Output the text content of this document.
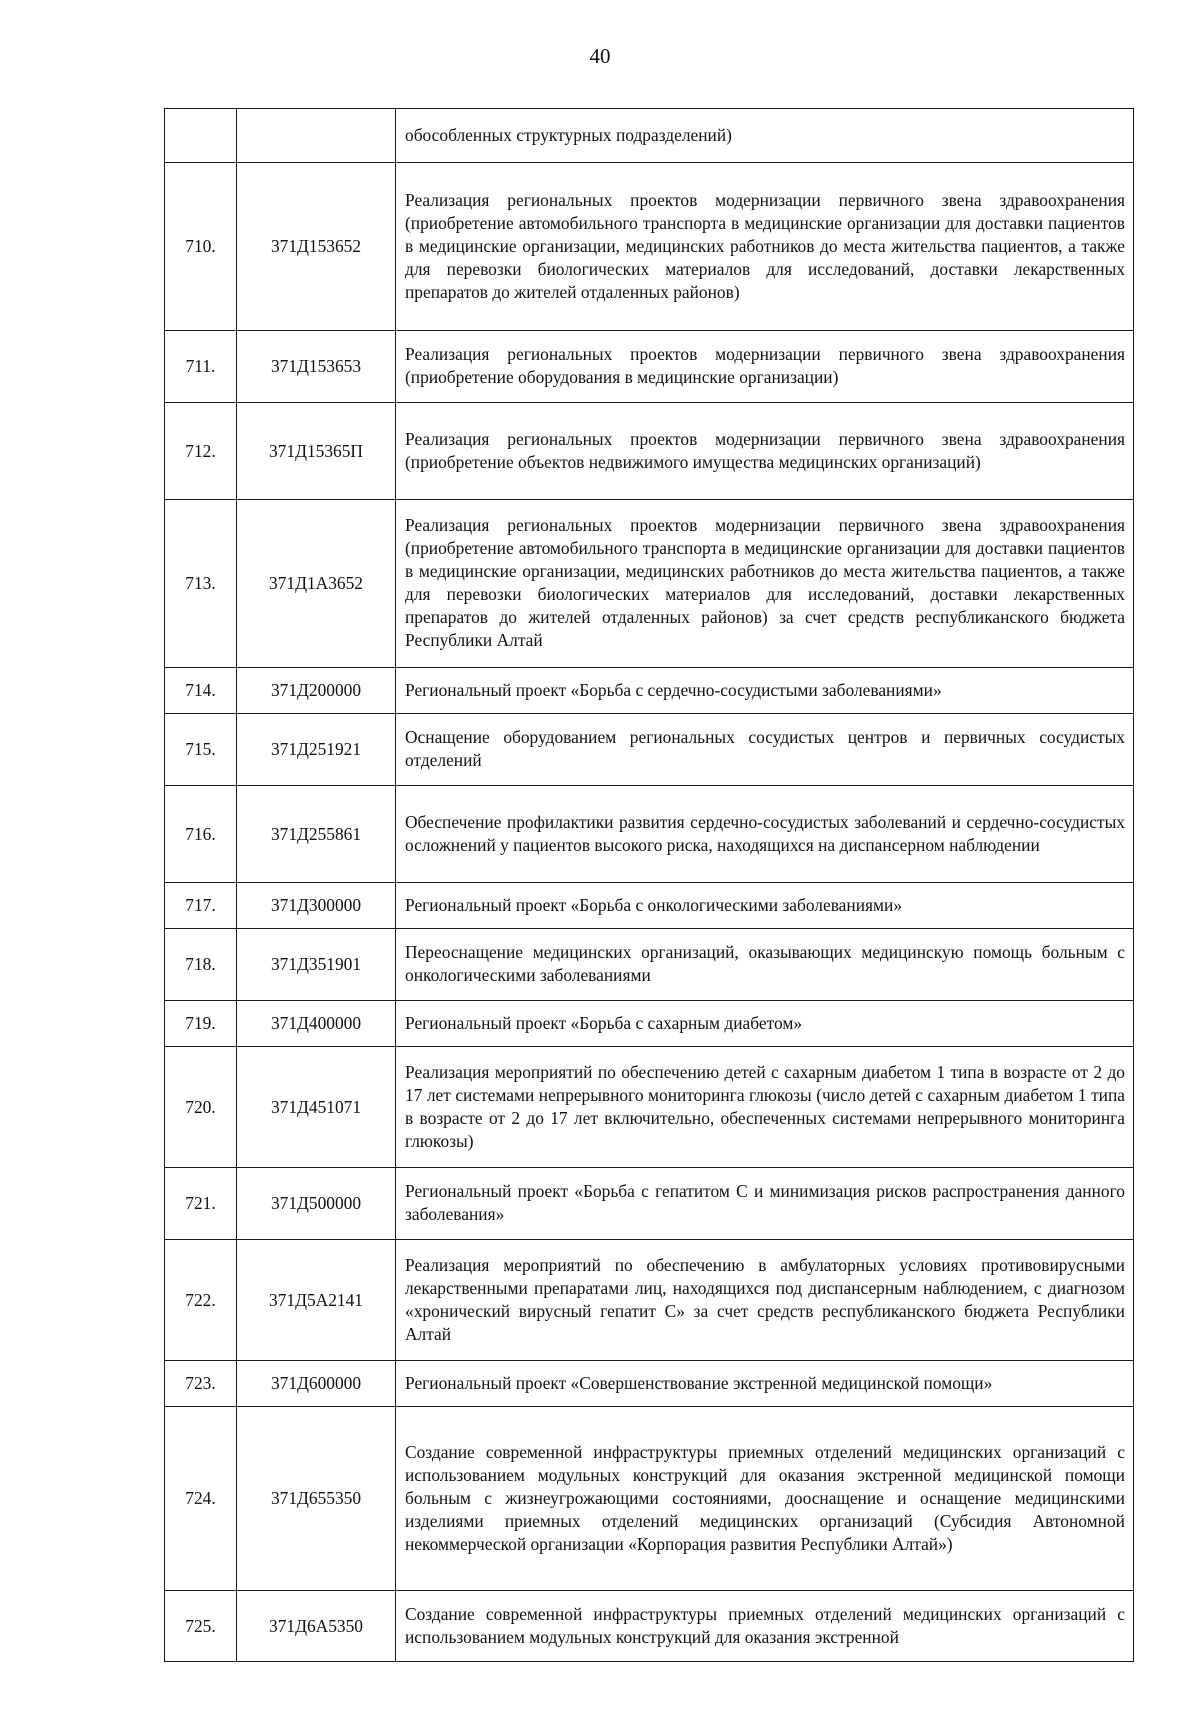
40
		обособленных структурных подразделений)
710.	371Д153652	Реализация региональных проектов модернизации первичного звена здравоохранения (приобретение автомобильного транспорта в медицинские организации для доставки пациентов в медицинские организации, медицинских работников до места жительства пациентов, а также для перевозки биологических материалов для исследований, доставки лекарственных препаратов до жителей отдаленных районов)
711.	371Д153653	Реализация региональных проектов модернизации первичного звена здравоохранения (приобретение оборудования в медицинские организации)
712.	371Д15365П	Реализация региональных проектов модернизации первичного звена здравоохранения (приобретение объектов недвижимого имущества медицинских организаций)
713.	371Д1А3652	Реализация региональных проектов модернизации первичного звена здравоохранения (приобретение автомобильного транспорта в медицинские организации для доставки пациентов в медицинские организации, медицинских работников до места жительства пациентов, а также для перевозки биологических материалов для исследований, доставки лекарственных препаратов до жителей отдаленных районов) за счет средств республиканского бюджета Республики Алтай
714.	371Д200000	Региональный проект «Борьба с сердечно-сосудистыми заболеваниями»
715.	371Д251921	Оснащение оборудованием региональных сосудистых центров и первичных сосудистых отделений
716.	371Д255861	Обеспечение профилактики развития сердечно-сосудистых заболеваний и сердечно-сосудистых осложнений у пациентов высокого риска, находящихся на диспансерном наблюдении
717.	371Д300000	Региональный проект «Борьба с онкологическими заболеваниями»
718.	371Д351901	Переоснащение медицинских организаций, оказывающих медицинскую помощь больным с онкологическими заболеваниями
719.	371Д400000	Региональный проект «Борьба с сахарным диабетом»
720.	371Д451071	Реализация мероприятий по обеспечению детей с сахарным диабетом 1 типа в возрасте от 2 до 17 лет системами непрерывного мониторинга глюкозы (число детей с сахарным диабетом 1 типа в возрасте от 2 до 17 лет включительно, обеспеченных системами непрерывного мониторинга глюкозы)
721.	371Д500000	Региональный проект «Борьба с гепатитом С и минимизация рисков распространения данного заболевания»
722.	371Д5А2141	Реализация мероприятий по обеспечению в амбулаторных условиях противовирусными лекарственными препаратами лиц, находящихся под диспансерным наблюдением, с диагнозом «хронический вирусный гепатит С» за счет средств республиканского бюджета Республики Алтай
723.	371Д600000	Региональный проект «Совершенствование экстренной медицинской помощи»
724.	371Д655350	Создание современной инфраструктуры приемных отделений медицинских организаций с использованием модульных конструкций для оказания экстренной медицинской помощи больным с жизнеугрожающими состояниями, дооснащение и оснащение медицинскими изделиями приемных отделений медицинских организаций (Субсидия Автономной некоммерческой организации «Корпорация развития Республики Алтай»)
725.	371Д6А5350	Создание современной инфраструктуры приемных отделений медицинских организаций с использованием модульных конструкций для оказания экстренной
